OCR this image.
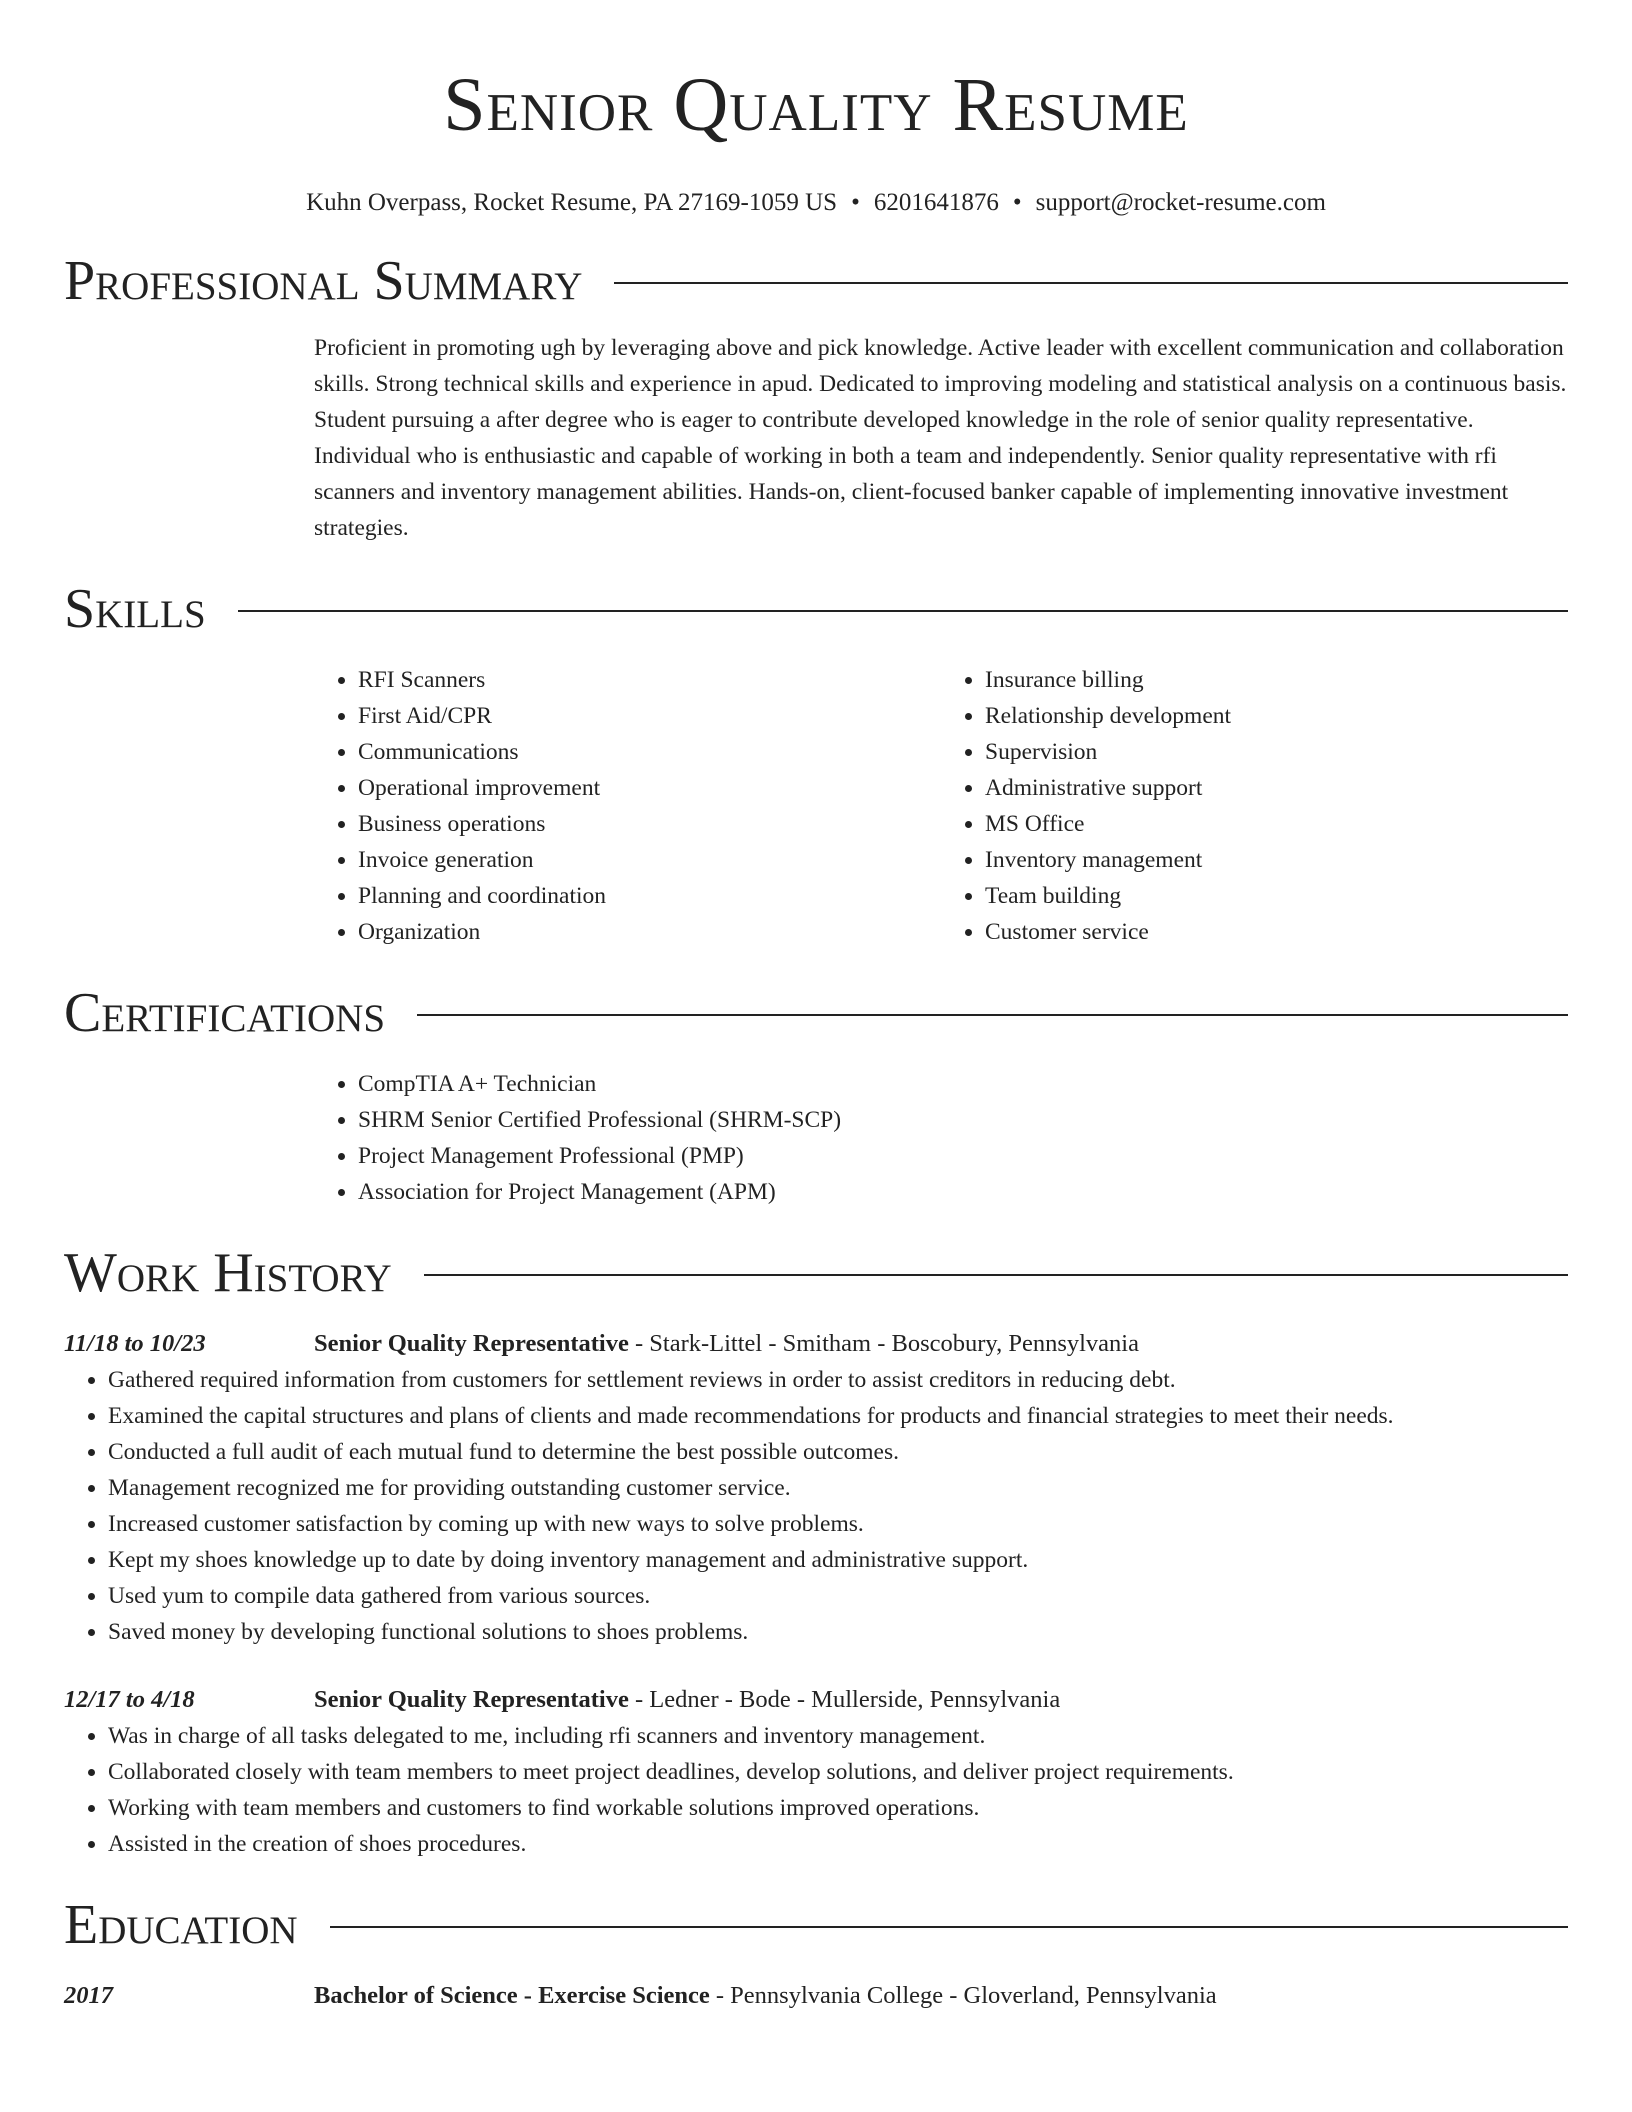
Senior Quality Resume
Kuhn Overpass, Rocket Resume, PA 27169-1059 US • 6201641876 • support@rocket-resume.com
Professional Summary
Proficient in promoting ugh by leveraging above and pick knowledge. Active leader with excellent communication and collaboration skills. Strong technical skills and experience in apud. Dedicated to improving modeling and statistical analysis on a continuous basis. Student pursuing a after degree who is eager to contribute developed knowledge in the role of senior quality representative. Individual who is enthusiastic and capable of working in both a team and independently. Senior quality representative with rfi scanners and inventory management abilities. Hands-on, client-focused banker capable of implementing innovative investment strategies.
Skills
• RFI Scanners
• First Aid/CPR
• Communications
• Operational improvement
• Business operations
• Invoice generation
• Planning and coordination
• Organization
• Insurance billing
• Relationship development
• Supervision
• Administrative support
• MS Office
• Inventory management
• Team building
• Customer service
Certifications
• CompTIA A+ Technician
• SHRM Senior Certified Professional (SHRM-SCP)
• Project Management Professional (PMP)
• Association for Project Management (APM)
Work History
11/18 to 10/23	Senior Quality Representative - Stark-Littel - Smitham - Boscobury, Pennsylvania
• Gathered required information from customers for settlement reviews in order to assist creditors in reducing debt.
• Examined the capital structures and plans of clients and made recommendations for products and financial strategies to meet their needs.
• Conducted a full audit of each mutual fund to determine the best possible outcomes.
• Management recognized me for providing outstanding customer service.
• Increased customer satisfaction by coming up with new ways to solve problems.
• Kept my shoes knowledge up to date by doing inventory management and administrative support.
• Used yum to compile data gathered from various sources.
• Saved money by developing functional solutions to shoes problems.
12/17 to 4/18	Senior Quality Representative - Ledner - Bode - Mullerside, Pennsylvania
• Was in charge of all tasks delegated to me, including rfi scanners and inventory management.
• Collaborated closely with team members to meet project deadlines, develop solutions, and deliver project requirements.
• Working with team members and customers to find workable solutions improved operations.
• Assisted in the creation of shoes procedures.
Education
2017	Bachelor of Science - Exercise Science - Pennsylvania College - Gloverland, Pennsylvania
